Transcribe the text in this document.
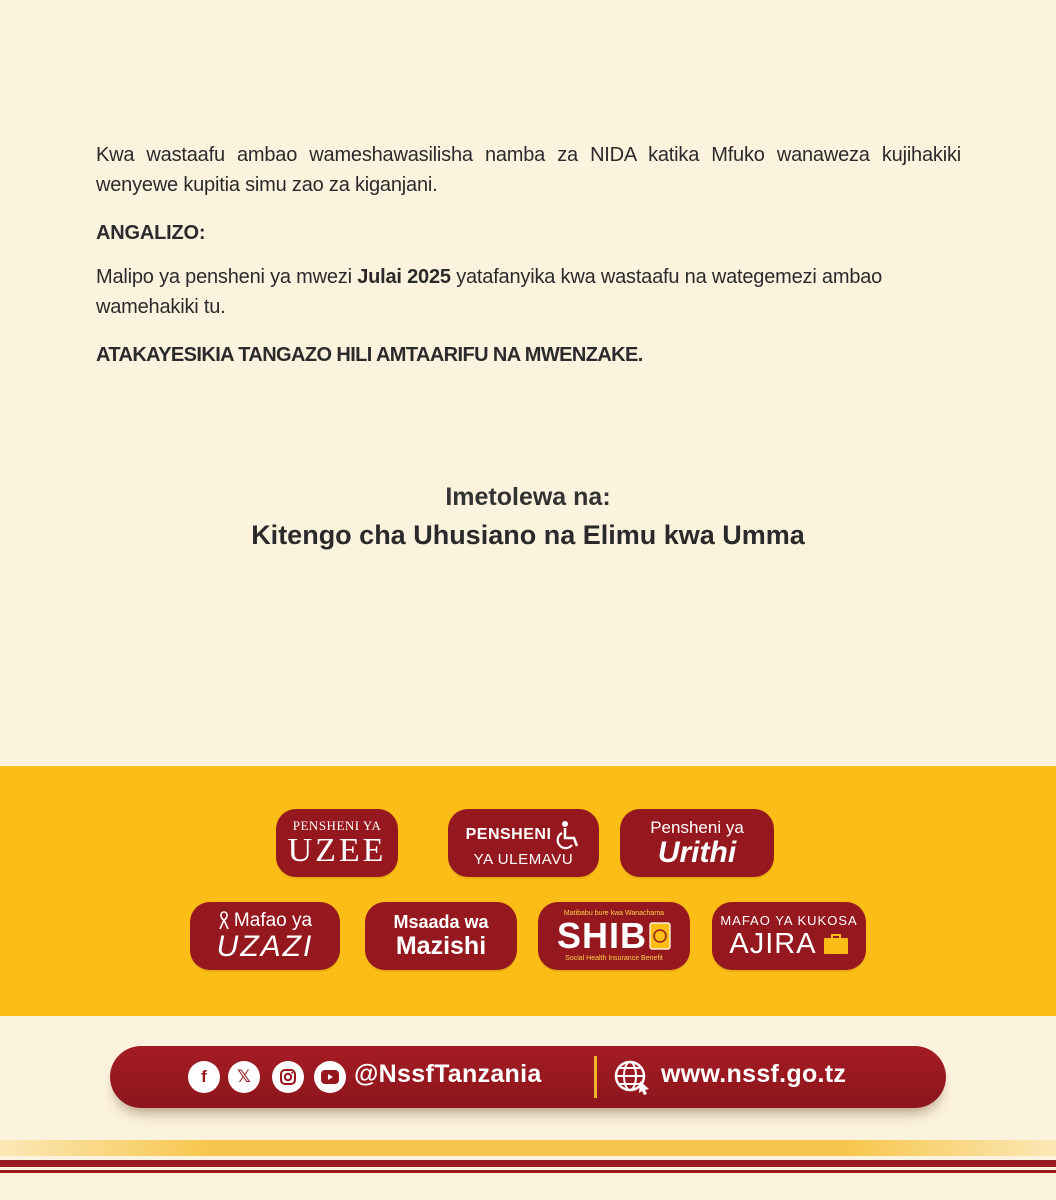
Kwa wastaafu ambao wameshawasilisha namba za NIDA katika Mfuko wanaweza kujihakiki wenyewe kupitia simu zao za kiganjani.

ANGALIZO:

Malipo ya pensheni ya mwezi Julai 2025 yatafanyika kwa wastaafu na wategemezi ambao wamehakiki tu.

ATAKAYESIKIA TANGAZO HILI AMTAARIFU NA MWENZAKE.

Imetolewa na:
Kitengo cha Uhusiano na Elimu kwa Umma
PENSHENI YA
UZEE	PENSHENI
YA ULEMAVU
Pensheni ya
Urithi
Mafao ya
UZAZI
Msaada wa
Mazishi
Matibabu bure kwa Wanachama
SHIB
Social Health Insurance Benefit
MAFAO YA KUKOSA
AJIRA
f	𝕏	@NssfTanzania	www.nssf.go.tz
